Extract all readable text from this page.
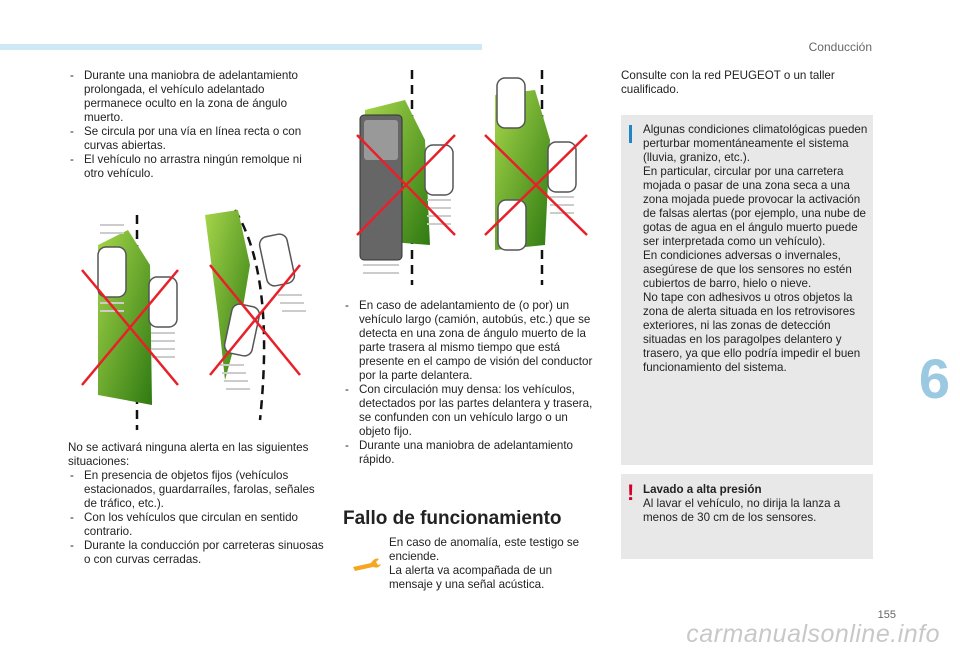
Conducción
6
155
carmanualsonline.info
- Durante una maniobra de adelantamiento prolongada, el vehículo adelantado permanece oculto en la zona de ángulo muerto.
- Se circula por una vía en línea recta o con curvas abiertas.
- El vehículo no arrastra ningún remolque ni otro vehículo.

No se activará ninguna alerta en las siguientes situaciones:

- En presencia de objetos fijos (vehículos estacionados, guardarraíles, farolas, señales de tráfico, etc.).
- Con los vehículos que circulan en sentido contrario.
- Durante la conducción por carreteras sinuosas o con curvas cerradas.
- En caso de adelantamiento de (o por) un vehículo largo (camión, autobús, etc.) que se detecta en una zona de ángulo muerto de la parte trasera al mismo tiempo que está presente en el campo de visión del conductor por la parte delantera.
- Con circulación muy densa: los vehículos, detectados por las partes delantera y trasera, se confunden con un vehículo largo o un objeto fijo.
- Durante una maniobra de adelantamiento rápido.
Fallo de funcionamiento

En caso de anomalía, este testigo se enciende.
La alerta va acompañada de un mensaje y una señal acústica.

Consulte con la red PEUGEOT o un taller cualificado.

Algunas condiciones climatológicas pueden perturbar momentáneamente el sistema (lluvia, granizo, etc.).
En particular, circular por una carretera mojada o pasar de una zona seca a una zona mojada puede provocar la activación de falsas alertas (por ejemplo, una nube de gotas de agua en el ángulo muerto puede ser interpretada como un vehículo).
En condiciones adversas o invernales, asegúrese de que los sensores no estén cubiertos de barro, hielo o nieve.
No tape con adhesivos u otros objetos la zona de alerta situada en los retrovisores exteriores, ni las zonas de detección situadas en los paragolpes delantero y trasero, ya que ello podría impedir el buen funcionamiento del sistema.

! Lavado a alta presión

Al lavar el vehículo, no dirija la lanza a menos de 30 cm de los sensores.
